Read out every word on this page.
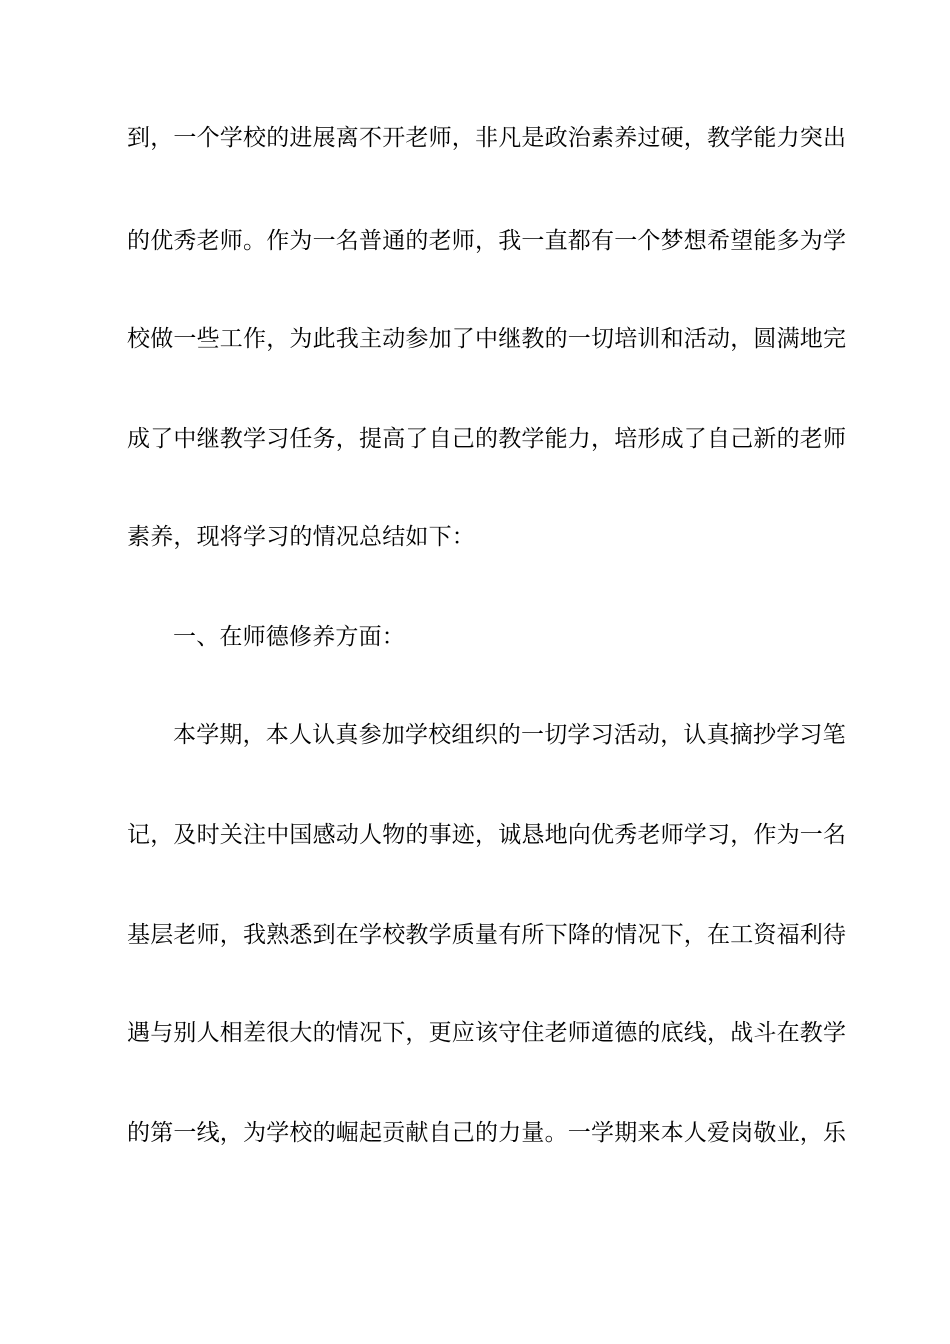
到，一个学校的进展离不开老师，非凡是政治素养过硬，教学能力突出
的优秀老师。作为一名普通的老师，我一直都有一个梦想希望能多为学
校做一些工作，为此我主动参加了中继教的一切培训和活动，圆满地完
成了中继教学习任务，提高了自己的教学能力，培形成了自己新的老师
素养，现将学习的情况总结如下：
一、在师德修养方面：
本学期，本人认真参加学校组织的一切学习活动，认真摘抄学习笔
记，及时关注中国感动人物的事迹，诚恳地向优秀老师学习，作为一名
基层老师，我熟悉到在学校教学质量有所下降的情况下，在工资福利待
遇与别人相差很大的情况下，更应该守住老师道德的底线，战斗在教学
的第一线，为学校的崛起贡献自己的力量。一学期来本人爱岗敬业，乐
